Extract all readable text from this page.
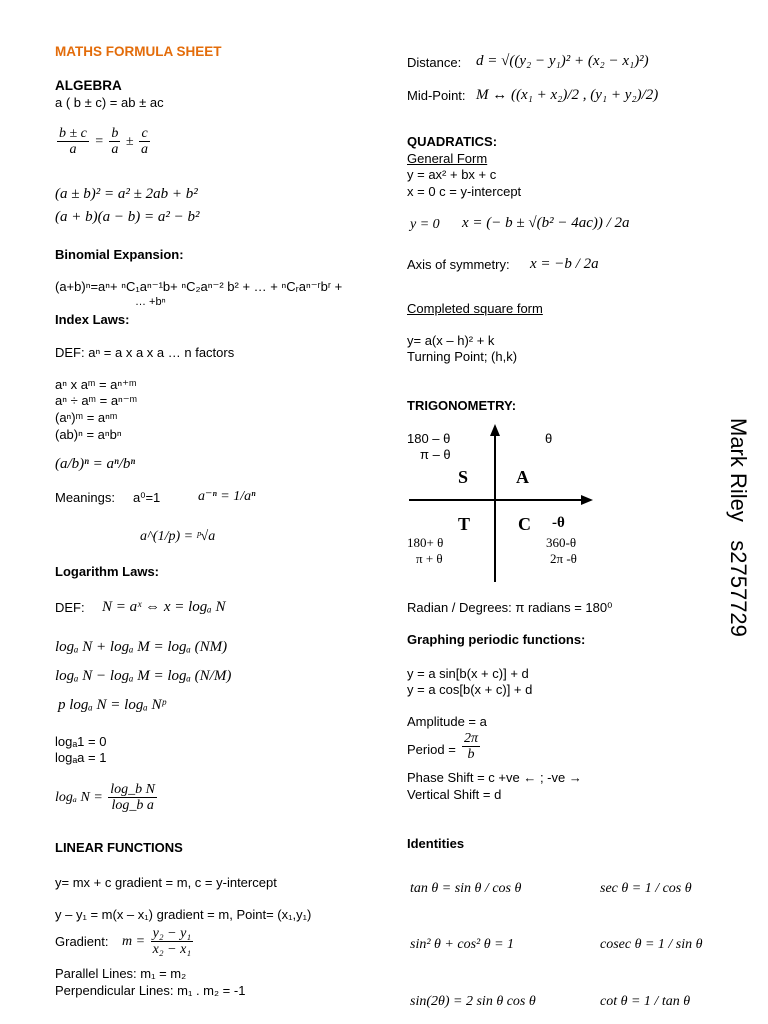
MATHS FORMULA SHEET
ALGEBRA
a ( b ± c) = ab ± ac
$\frac{b \pm c}{a} = \frac{b}{a} \pm \frac{c}{a}$
(a ± b)² = a² ± 2ab + b²
(a + b)(a − b) = a² − b²
Binomial Expansion:
(a+b)ⁿ=aⁿ+ ⁿC₁aⁿ⁻¹b+ ⁿC₂aⁿ⁻² b² + … + ⁿCᵣaⁿ⁻ʳbʳ +
… +bⁿ
Index Laws:
DEF: aⁿ = a x a x a … n factors
aⁿ x aᵐ = aⁿ⁺ᵐ
aⁿ ÷ aᵐ = aⁿ⁻ᵐ
(aⁿ)ᵐ = aⁿᵐ
(ab)ⁿ = aⁿbⁿ
(a/b)ⁿ = aⁿ/bⁿ
Meanings: a⁰=1	a⁻ⁿ = 1/aⁿ
a^(1/p) = ᵖ√a
Logarithm Laws:
DEF: N = aˣ ⇔ x = logₐ N
logₐ N + logₐ M = logₐ (NM)
logₐ N − logₐ M = logₐ (N/M)
p logₐ N = logₐ Nᵖ
logₐ1 = 0
logₐa = 1
logₐ $N = \frac{\text{log\_b N}}{\text{log\_b a}}$
LINEAR FUNCTIONS
y= mx + c gradient = m, c = y-intercept
y – y₁ = m(x – x₁) gradient = m, Point= (x₁,y₁)
Gradient: $m = \frac{\text{y₂ − y₁}}{\text{x₂ − x₁}}$
Parallel Lines: m₁ = m₂
Perpendicular Lines: m₁ . m₂ = -1
Distance: d = √((y₂ − y₁)² + (x₂ − x₁)²)
Mid-Point: M ↔ ((x₁ + x₂)/2 , (y₁ + y₂)/2)
QUADRATICS:
General Form
y = ax² + bx + c
x = 0 c = y-intercept
y = 0 x = (− b ± √(b² − 4ac)) / 2a
Axis of symmetry: x = −b / 2a
Completed square form
y= a(x – h)² + k
Turning Point; (h,k)
TRIGONOMETRY:
180 – θ
π – θ
θ
S	A
T	C -θ
180+ θ
π + θ
360-θ
2π -θ
Radian / Degrees: π radians = 180⁰
Graphing periodic functions:
y = a sin[b(x + c)] + d
y = a cos[b(x + c)] + d
Amplitude = a
Period = $\frac{2\pi}{b}$
Phase Shift = c +ve ← ; -ve →
Vertical Shift = d
Identities
tan θ = sin θ / cos θ	sec θ = 1 / cos θ
sin² θ + cos² θ = 1	cosec θ = 1 / sin θ
sin(2θ) = 2 sin θ cos θ	cot θ = 1 / tan θ
Mark Riley   s2757729
